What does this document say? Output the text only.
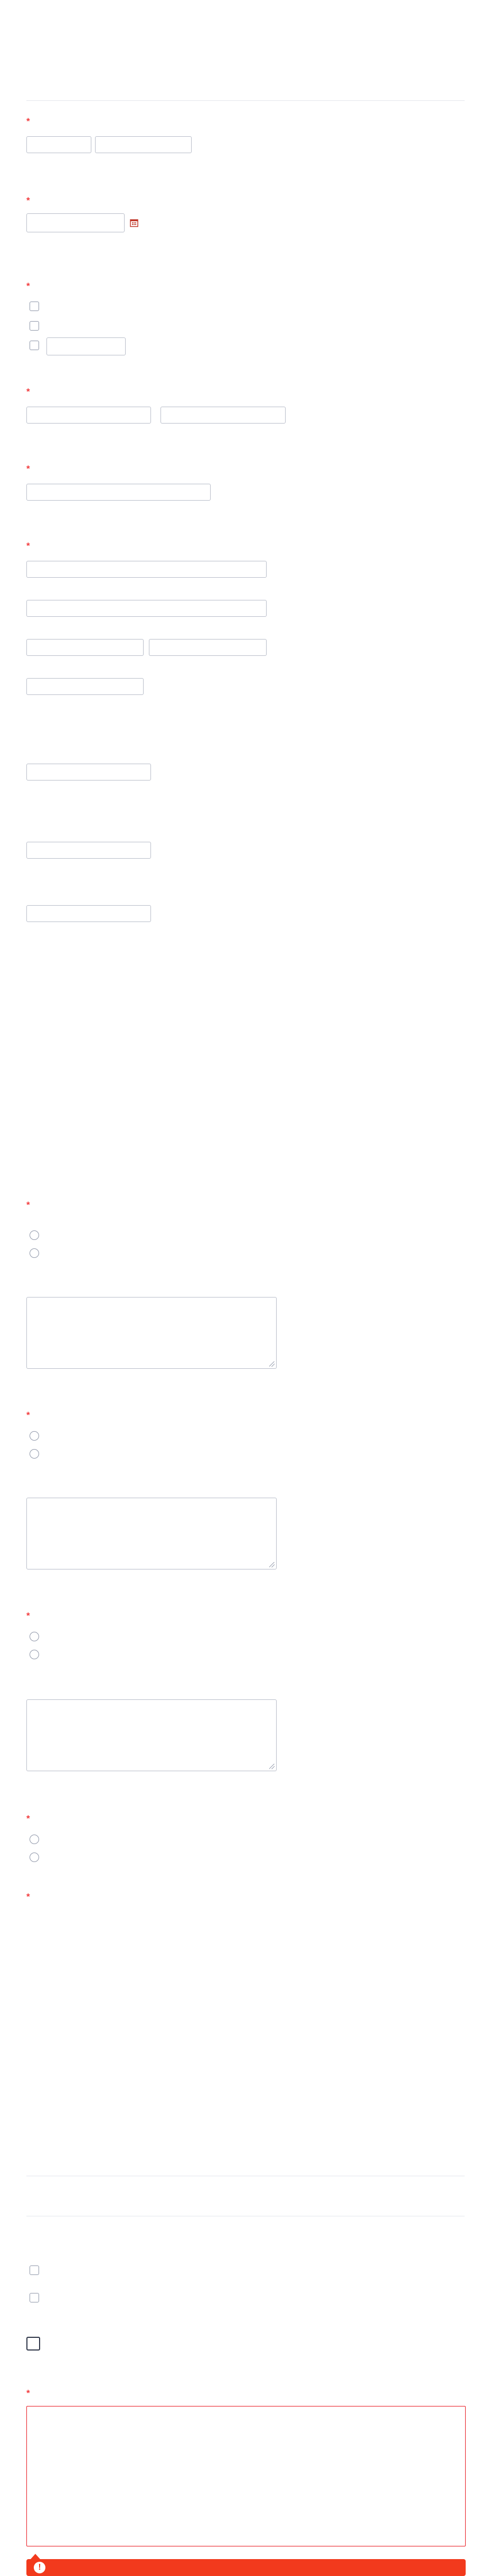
*
*
*
*
*
*
*
*
*
*
*
*
!
